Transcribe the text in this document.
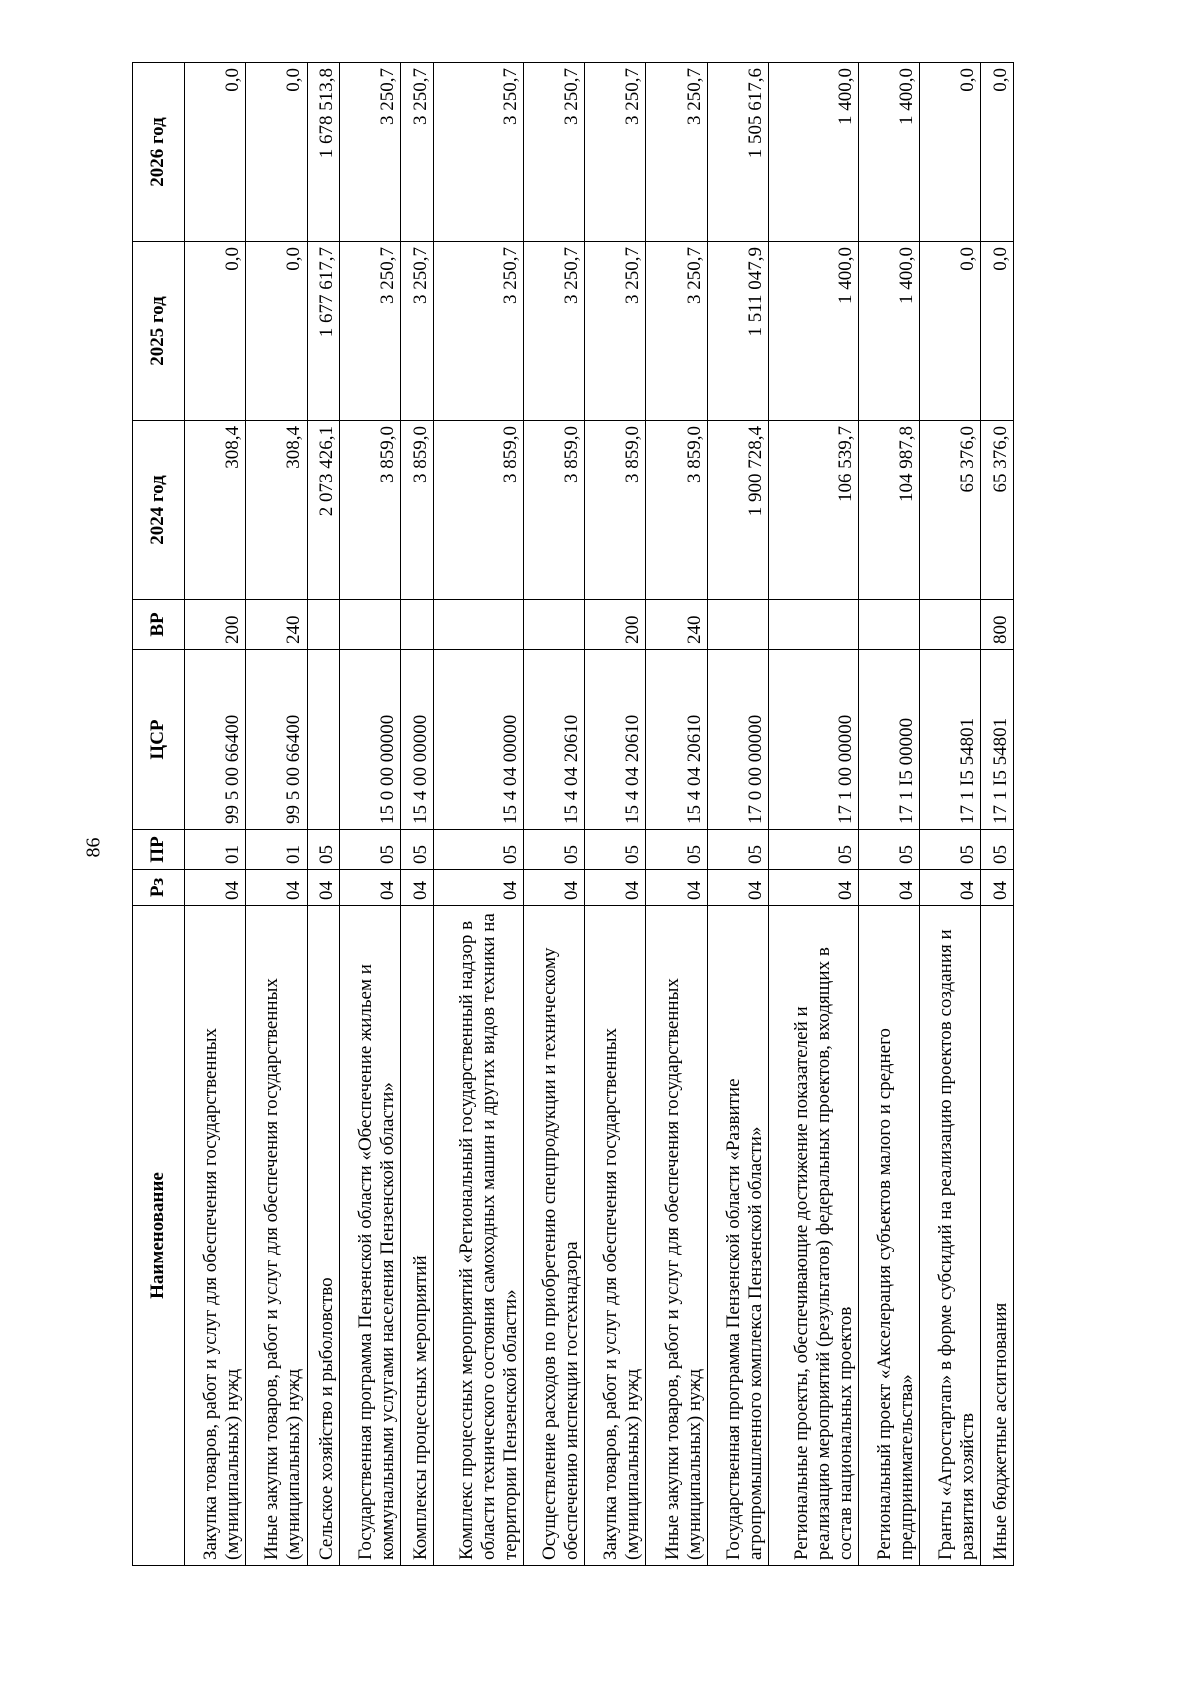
86
Наименование	Рз	ПР	ЦСР	ВР	2024 год	2025 год	2026 год
Закупка товаров, работ и услуг для обеспечения государственных (муниципальных) нужд	04	01	99 5 00 66400	200	308,4	0,0	0,0
Иные закупки товаров, работ и услуг для обеспечения государственных (муниципальных) нужд	04	01	99 5 00 66400	240	308,4	0,0	0,0
Сельское хозяйство и рыболовство	04	05			2 073 426,1	1 677 617,7	1 678 513,8
Государственная программа Пензенской области «Обеспечение жильем и коммунальными услугами населения Пензенской области»	04	05	15 0 00 00000		3 859,0	3 250,7	3 250,7
Комплексы процессных мероприятий	04	05	15 4 00 00000		3 859,0	3 250,7	3 250,7
Комплекс процессных мероприятий «Региональный государственный надзор в области технического состояния самоходных машин и других видов техники на территории Пензенской области»	04	05	15 4 04 00000		3 859,0	3 250,7	3 250,7
Осуществление расходов по приобретению спецпродукции и техническому обеспечению инспекции гостехнадзора	04	05	15 4 04 20610		3 859,0	3 250,7	3 250,7
Закупка товаров, работ и услуг для обеспечения государственных (муниципальных) нужд	04	05	15 4 04 20610	200	3 859,0	3 250,7	3 250,7
Иные закупки товаров, работ и услуг для обеспечения государственных (муниципальных) нужд	04	05	15 4 04 20610	240	3 859,0	3 250,7	3 250,7
Государственная программа Пензенской области «Развитие агропромышленного комплекса Пензенской области»	04	05	17 0 00 00000		1 900 728,4	1 511 047,9	1 505 617,6
Региональные проекты, обеспечивающие достижение показателей и реализацию мероприятий (результатов) федеральных проектов, входящих в состав национальных проектов	04	05	17 1 00 00000		106 539,7	1 400,0	1 400,0
Региональный проект «Акселерация субъектов малого и среднего предпринимательства»	04	05	17 1 I5 00000		104 987,8	1 400,0	1 400,0
Гранты «Агростартап» в форме субсидий на реализацию проектов создания и развития хозяйств	04	05	17 1 I5 54801		65 376,0	0,0	0,0
Иные бюджетные ассигнования	04	05	17 1 I5 54801	800	65 376,0	0,0	0,0
